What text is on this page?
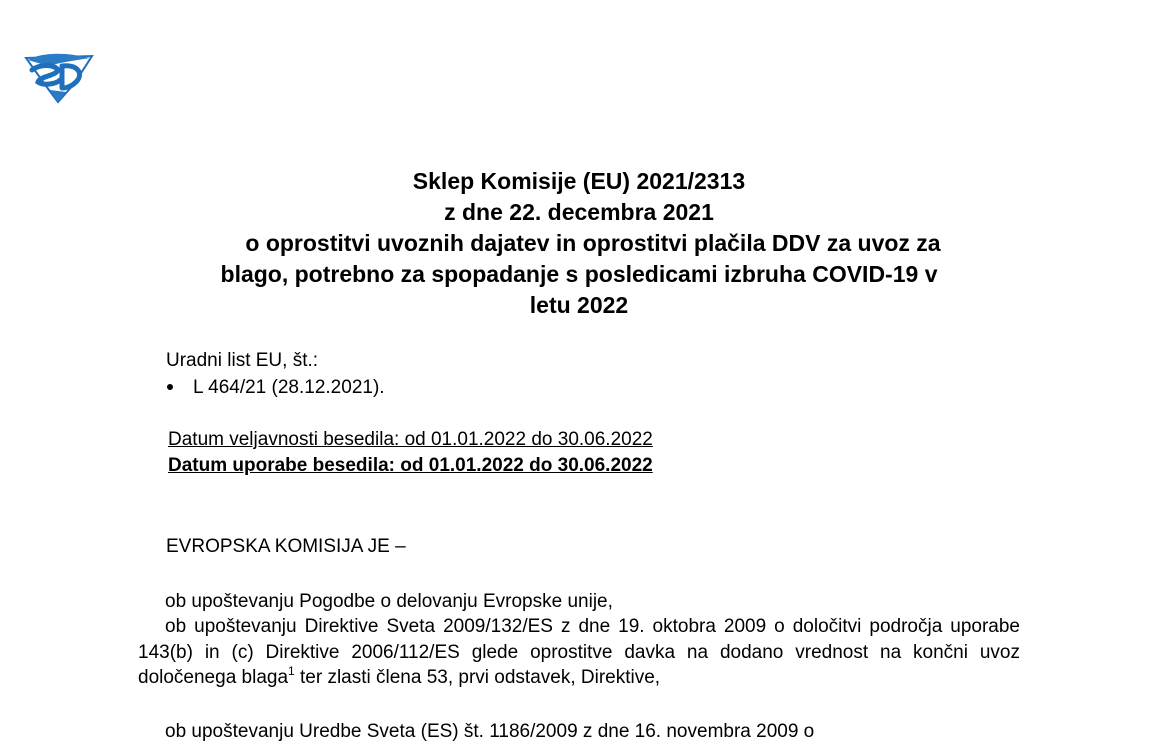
Sklep Komisije (EU) 2021/2313
z dne 22. decembra 2021
o oprostitvi uvoznih dajatev in oprostitvi plačila DDV za uvoz za
blago, potrebno za spopadanje s posledicami izbruha COVID-19 v
letu 2022
Uradni list EU, št.:
L 464/21 (28.12.2021).
Datum veljavnosti besedila: od 01.01.2022 do 30.06.2022
Datum uporabe besedila: od 01.01.2022 do 30.06.2022
EVROPSKA KOMISIJA JE –
ob upoštevanju Pogodbe o delovanju Evropske unije,
ob upoštevanju Direktive Sveta 2009/132/ES z dne 19. oktobra 2009 o določitvi področja uporabe 143(b) in (c) Direktive 2006/112/ES glede oprostitve davka na dodano vrednost na končni uvoz določenega blaga$^1$ ter zlasti člena 53, prvi odstavek, Direktive,
ob upoštevanju Uredbe Sveta (ES) št. 1186/2009 z dne 16. novembra 2009 o
